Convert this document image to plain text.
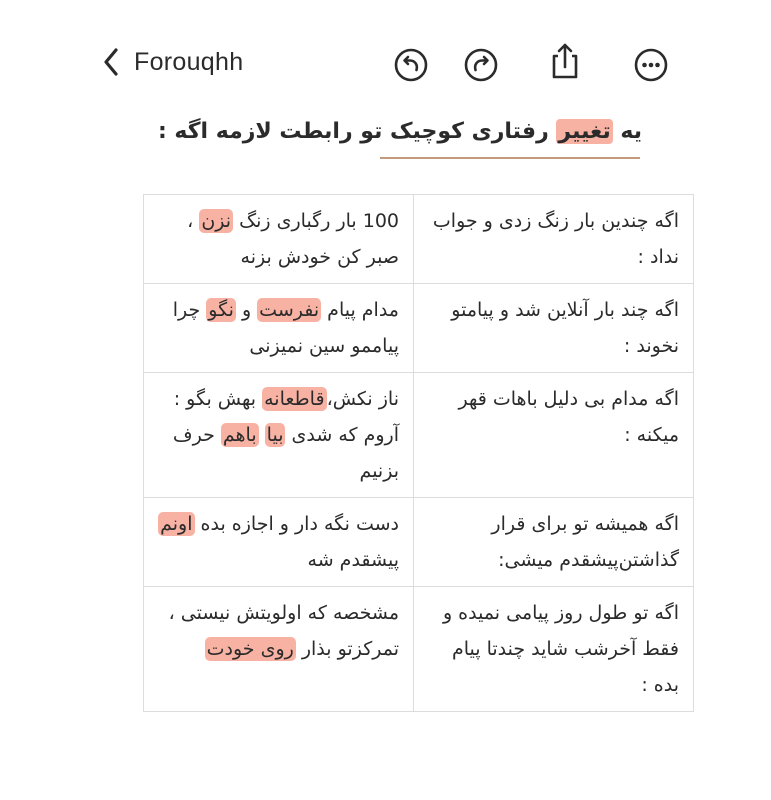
Forouqhh
یه تغییر رفتاری کوچیک تو رابطت لازمه اگه :
اگه چندین بار زنگ زدی و جواب نداد :	100 بار رگباری زنگ نزن ، صبر کن خودش بزنه
اگه چند بار آنلاین شد و پیامتو نخوند :	مدام پیام نفرست و نگو چرا پیاممو سین نمیزنی
اگه مدام بی دلیل باهات قهر میکنه :	ناز نکش،قاطعانه بهش بگو : آروم که شدی بیا باهم حرف بزنیم
اگه همیشه تو برای قرار گذاشتن‌پیشقدم میشی:	دست نگه دار و اجازه بده اونم پیشقدم شه
اگه تو طول روز پیامی نمیده و فقط آخرشب شاید چندتا پیام بده :	مشخصه که اولویتش نیستی ، تمرکزتو بذار روی خودت
